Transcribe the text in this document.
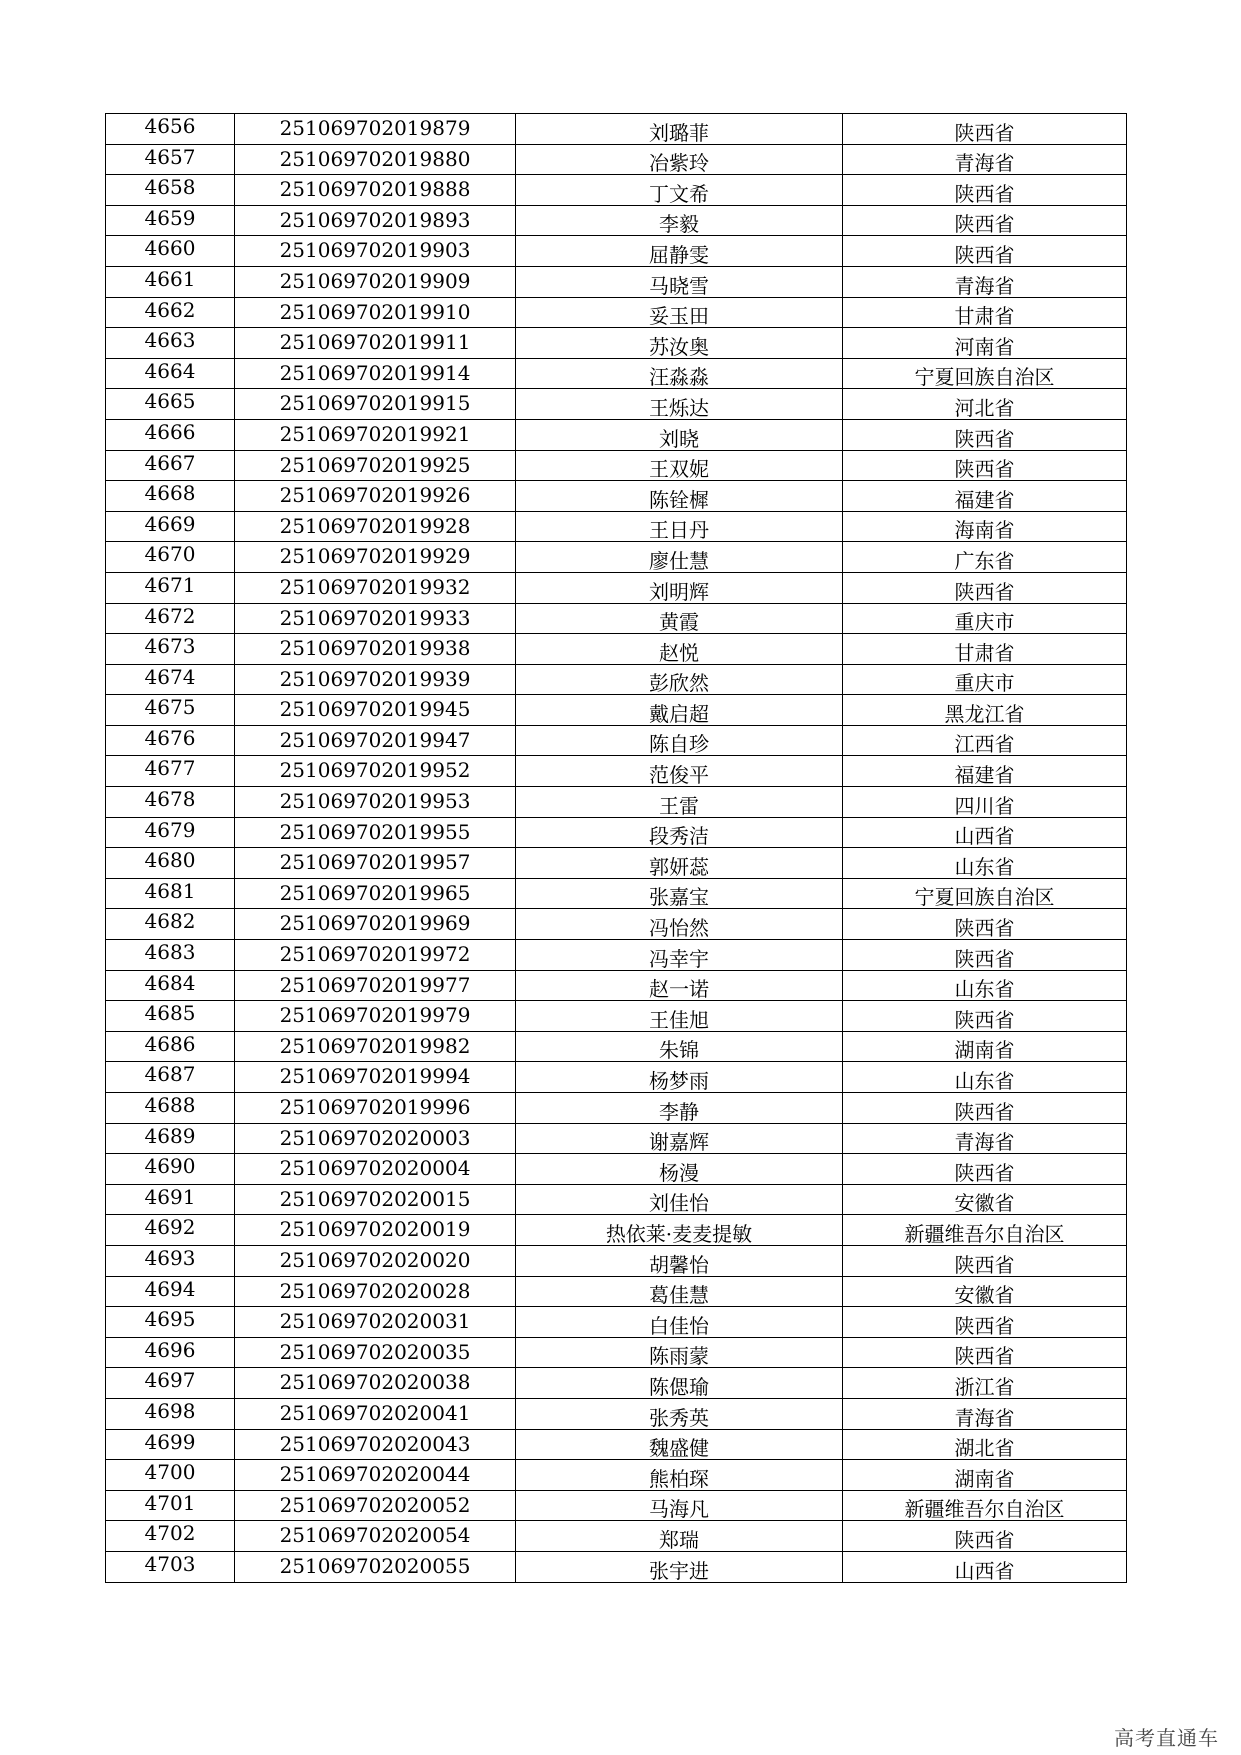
4656	251069702019879	刘璐菲	陕西省
4657	251069702019880	冶紫玲	青海省
4658	251069702019888	丁文希	陕西省
4659	251069702019893	李毅	陕西省
4660	251069702019903	屈静雯	陕西省
4661	251069702019909	马晓雪	青海省
4662	251069702019910	妥玉田	甘肃省
4663	251069702019911	苏汝奥	河南省
4664	251069702019914	汪淼淼	宁夏回族自治区
4665	251069702019915	王烁达	河北省
4666	251069702019921	刘晓	陕西省
4667	251069702019925	王双妮	陕西省
4668	251069702019926	陈铨樨	福建省
4669	251069702019928	王日丹	海南省
4670	251069702019929	廖仕慧	广东省
4671	251069702019932	刘明辉	陕西省
4672	251069702019933	黄霞	重庆市
4673	251069702019938	赵悦	甘肃省
4674	251069702019939	彭欣然	重庆市
4675	251069702019945	戴启超	黑龙江省
4676	251069702019947	陈自珍	江西省
4677	251069702019952	范俊平	福建省
4678	251069702019953	王雷	四川省
4679	251069702019955	段秀洁	山西省
4680	251069702019957	郭妍蕊	山东省
4681	251069702019965	张嘉宝	宁夏回族自治区
4682	251069702019969	冯怡然	陕西省
4683	251069702019972	冯幸宇	陕西省
4684	251069702019977	赵一诺	山东省
4685	251069702019979	王佳旭	陕西省
4686	251069702019982	朱锦	湖南省
4687	251069702019994	杨梦雨	山东省
4688	251069702019996	李静	陕西省
4689	251069702020003	谢嘉辉	青海省
4690	251069702020004	杨漫	陕西省
4691	251069702020015	刘佳怡	安徽省
4692	251069702020019	热依莱·麦麦提敏	新疆维吾尔自治区
4693	251069702020020	胡馨怡	陕西省
4694	251069702020028	葛佳慧	安徽省
4695	251069702020031	白佳怡	陕西省
4696	251069702020035	陈雨蒙	陕西省
4697	251069702020038	陈偲瑜	浙江省
4698	251069702020041	张秀英	青海省
4699	251069702020043	魏盛健	湖北省
4700	251069702020044	熊柏琛	湖南省
4701	251069702020052	马海凡	新疆维吾尔自治区
4702	251069702020054	郑瑞	陕西省
4703	251069702020055	张宇进	山西省
高考直通车
